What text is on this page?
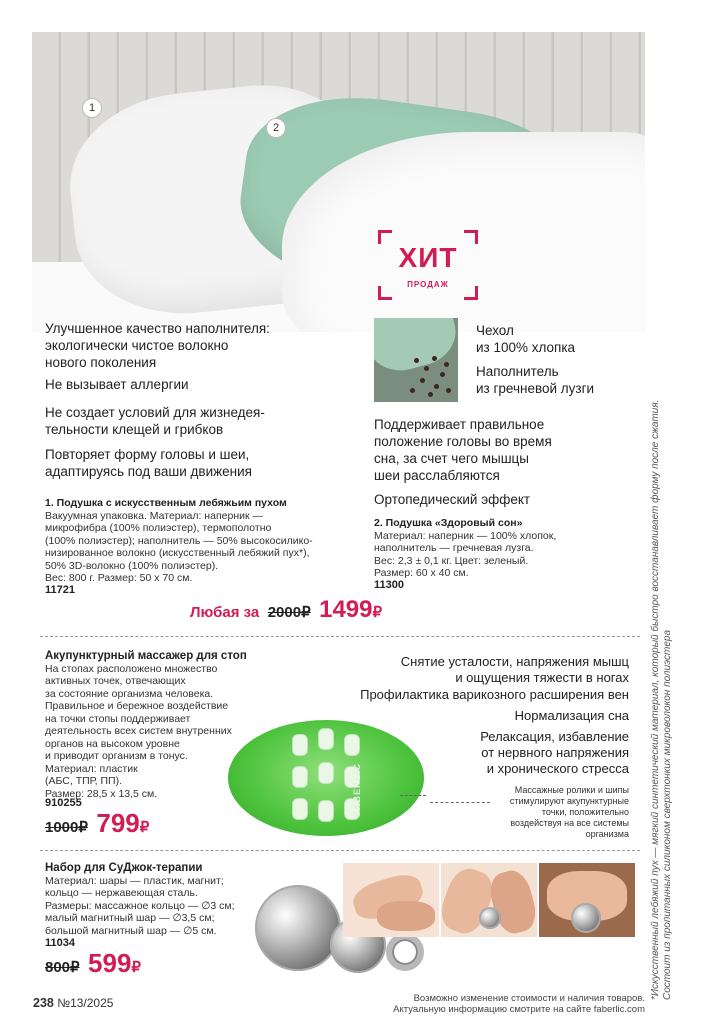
1
2
ХИТ
ПРОДАЖ
Улучшенное качество наполнителя:
экологически чистое волокно
нового поколения
Не вызывает аллергии
Не создает условий для жизнедея-
тельности клещей и грибков
Повторяет форму головы и шеи,
адаптируясь под ваши движения
1. Подушка с искусственным лебяжьим пухом
Вакуумная упаковка. Материал: наперник —
микрофибра (100% полиэстер), термополотно
(100% полиэстер); наполнитель — 50% высокосилико-
низированное волокно (искусственный лебяжий пух*),
50% 3D-волокно (100% полиэстер).
Вес: 800 г. Размер: 50 х 70 см.
11721
Чехол
из 100% хлопка
Наполнитель
из гречневой лузги
Поддерживает правильное
положение головы во время
сна, за счет чего мышцы
шеи расслабляются
Ортопедический эффект
2. Подушка «Здоровый сон»
Материал: наперник — 100% хлопок,
наполнитель — гречневая лузга.
Вес: 2,3 ± 0,1 кг. Цвет: зеленый.
Размер: 60 х 40 см.
11300
Любая за 2000₽ 1499₽
Акупунктурный массажер для стоп
На стопах расположено множество
активных точек, отвечающих
за состояние организма человека.
Правильное и бережное воздействие
на точки стопы поддерживает
деятельность всех систем внутренних
органов на высоком уровне
и приводит организм в тонус.
Материал: пластик
(АБС, ТПР, ПП).
Размер: 28,5 х 13,5 см.
910255
1000₽ 799₽
FABERLIC
Снятие усталости, напряжения мышц
и ощущения тяжести в ногах
Профилактика варикозного расширения вен
Нормализация сна
Релаксация, избавление
от нервного напряжения
и хронического стресса
Массажные ролики и шипы
стимулируют акупунктурные
точки, положительно
воздействуя на все системы
организма
Набор для СуДжок-терапии
Материал: шары — пластик, магнит;
кольцо — нержавеющая сталь.
Размеры: массажное кольцо — ∅3 см;
малый магнитный шар — ∅3,5 см;
большой магнитный шар — ∅5 см.
11034
800₽ 599₽	*Искусственный лебяжий пух — мягкий синтетический материал, который быстро восстанавливает форму после сжатия. Состоит из пропитанных силиконом сверхтонких микроволокон полиэстера
238 №13/2025	Возможно изменение стоимости и наличия товаров.
Актуальную информацию смотрите на сайте faberlic.com
